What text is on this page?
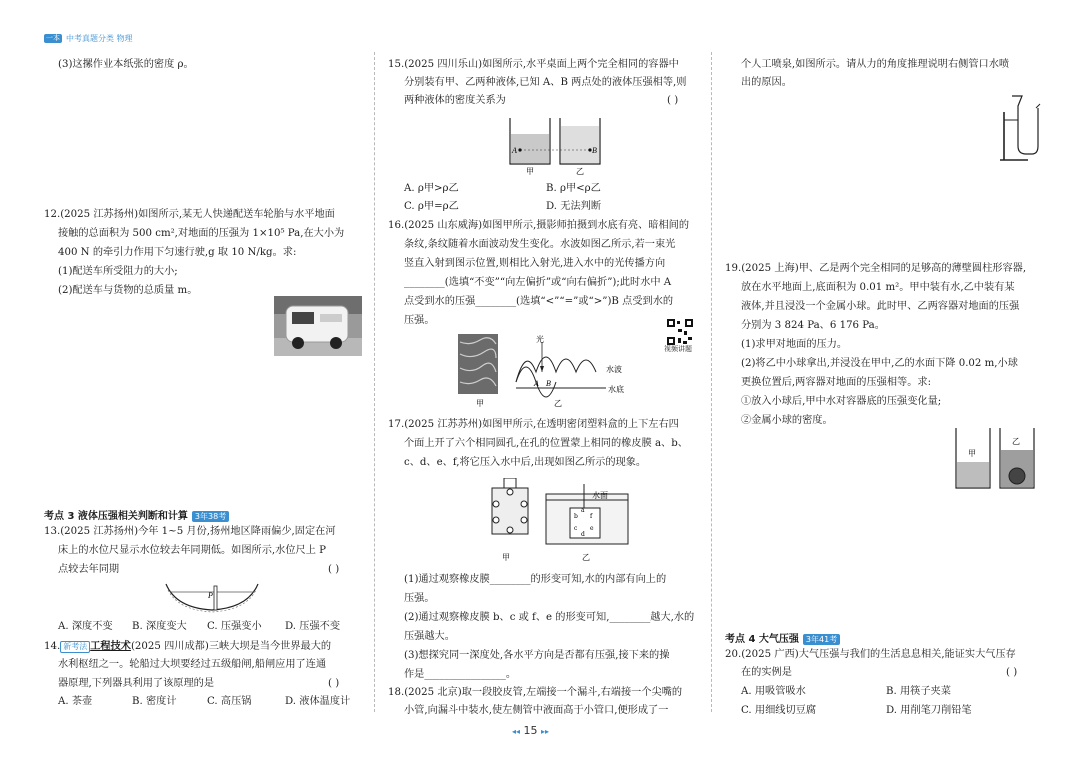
一本 中考真题分类 物理
(3)这摞作业本纸张的密度 ρ。
12.(2025 江苏扬州)如图所示,某无人快递配送车轮胎与水平地面
接触的总面积为 500 cm²,对地面的压强为 1×10⁵ Pa,在大小为
400 N 的牵引力作用下匀速行驶,g 取 10 N/kg。求:
(1)配送车所受阻力的大小;
(2)配送车与货物的总质量 m。
考点 3 液体压强相关判断和计算 3年38考
13.(2025 江苏扬州)今年 1~5 月份,扬州地区降雨偏少,固定在河
床上的水位尺显示水位较去年同期低。如图所示,水位尺上 P
点较去年同期	( )
P
A. 深度不变 B. 深度变大 C. 压强变小 D. 压强不变
14. 新考法 工程技术(2025 四川成都)三峡大坝是当今世界最大的
水利枢纽之一。轮船过大坝要经过五级船闸,船闸应用了连通
器原理,下列器具利用了该原理的是	( )
A. 茶壶	B. 密度计	C. 高压锅	D. 液体温度计
15.(2025 四川乐山)如图所示,水平桌面上两个完全相同的容器中
分别装有甲、乙两种液体,已知 A、B 两点处的液体压强相等,则
两种液体的密度关系为	( )
A	B
甲	乙
A. ρ甲>ρ乙	B. ρ甲<ρ乙
C. ρ甲=ρ乙	D. 无法判断
16.(2025 山东威海)如图甲所示,摄影师拍摄到水底有亮、暗相间的
条纹,条纹随着水面波动发生变化。水波如图乙所示,若一束光
竖直入射到图示位置,则相比入射光,进入水中的光传播方向
________(选填“不变”“向左偏折”或“向右偏折”);此时水中 A
点受到水的压强________(选填“<”“=”或“>”)B 点受到水的
压强。
视频讲题
光
水波
水底
A B
甲	乙
17.(2025 江苏苏州)如图甲所示,在透明密闭塑料盒的上下左右四
个面上开了六个相同圆孔,在孔的位置蒙上相同的橡皮膜 a、b、
c、d、e、f,将它压入水中后,出现如图乙所示的现象。
b
c
f
e
a
d
水面
甲	乙
(1)通过观察橡皮膜________的形变可知,水的内部有向上的
压强。
(2)通过观察橡皮膜 b、c 或 f、e 的形变可知,________越大,水的
压强越大。
(3)想探究同一深度处,各水平方向是否都有压强,接下来的操
作是________________。
18.(2025 北京)取一段胶皮管,左端接一个漏斗,右端接一个尖嘴的
小管,向漏斗中装水,使左侧管中液面高于小管口,便形成了一
个人工喷泉,如图所示。请从力的角度推理说明右侧管口水喷
出的原因。
19.(2025 上海)甲、乙是两个完全相同的足够高的薄壁圆柱形容器,
放在水平地面上,底面积为 0.01 m²。甲中装有水,乙中装有某
液体,并且浸没一个金属小球。此时甲、乙两容器对地面的压强
分别为 3 824 Pa、6 176 Pa。
(1)求甲对地面的压力。
(2)将乙中小球拿出,并浸没在甲中,乙的水面下降 0.02 m,小球
更换位置后,两容器对地面的压强相等。求:
①放入小球后,甲中水对容器底的压强变化量;
②金属小球的密度。
甲
乙
考点 4 大气压强 3年41考
20.(2025 广西)大气压强与我们的生活息息相关,能证实大气压存
在的实例是	( )
A. 用吸管吸水	B. 用筷子夹菜
C. 用细线切豆腐	D. 用削笔刀削铅笔
◂◂ 15 ▸▸
